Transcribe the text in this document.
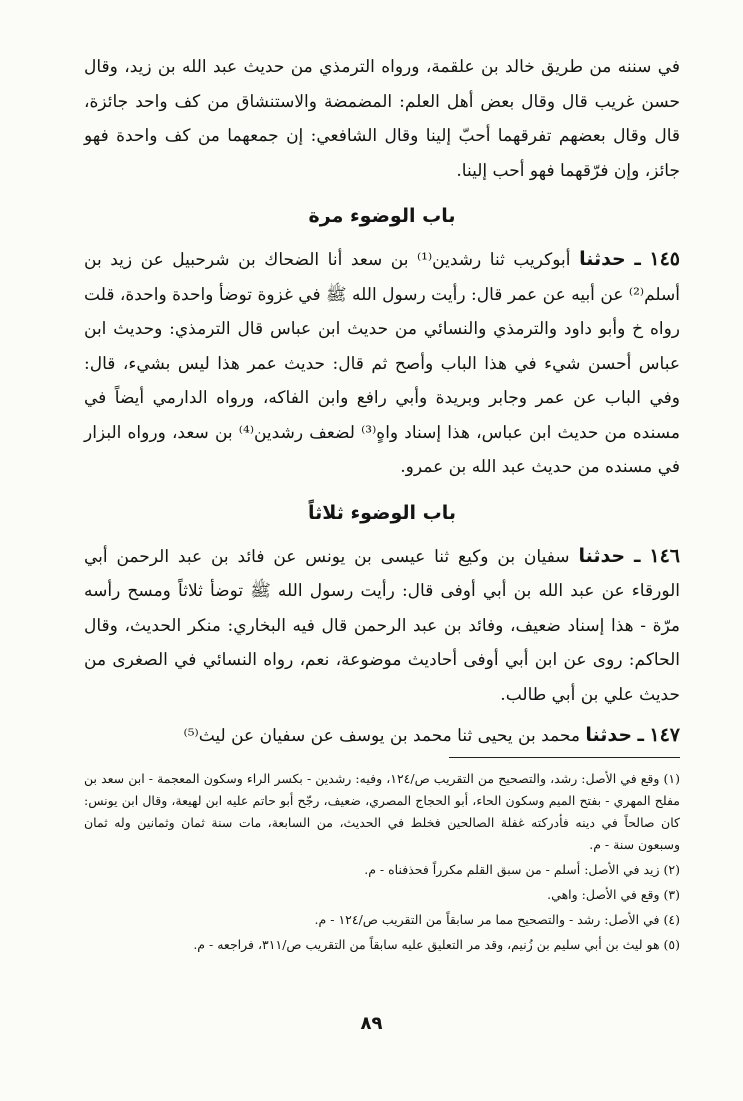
في سننه من طريق خالد بن علقمة، ورواه الترمذي من حديث عبد الله بن زيد، وقال حسن غريب قال وقال بعض أهل العلم: المضمضة والاستنشاق من كف واحد جائزة، قال وقال بعضهم تفرقهما أحبّ إلينا وقال الشافعي: إن جمعهما من كف واحدة فهو جائز، وإن فرّقهما فهو أحب إلينا.

باب الوضوء مرة

١٤٥ ـ حدثنا أبوكريب ثنا رشدين⁽¹⁾ بن سعد أنا الضحاك بن شرحبيل عن زيد بن أسلم⁽²⁾ عن أبيه عن عمر قال: رأيت رسول الله ﷺ في غزوة توضأ واحدة واحدة، قلت رواه خ وأبو داود والترمذي والنسائي من حديث ابن عباس قال الترمذي: وحديث ابن عباس أحسن شيء في هذا الباب وأصح ثم قال: حديث عمر هذا ليس بشيء، قال: وفي الباب عن عمر وجابر وبريدة وأبي رافع وابن الفاكه، ورواه الدارمي أيضاً في مسنده من حديث ابن عباس، هذا إسناد واهٍ⁽³⁾ لضعف رشدين⁽⁴⁾ بن سعد، ورواه البزار في مسنده من حديث عبد الله بن عمرو.

باب الوضوء ثلاثاً

١٤٦ ـ حدثنا سفيان بن وكيع ثنا عيسى بن يونس عن فائد بن عبد الرحمن أبي الورقاء عن عبد الله بن أبي أوفى قال: رأيت رسول الله ﷺ توضأ ثلاثاً ومسح رأسه مرّة - هذا إسناد ضعيف، وفائد بن عبد الرحمن قال فيه البخاري: منكر الحديث، وقال الحاكم: روى عن ابن أبي أوفى أحاديث موضوعة، نعم، رواه النسائي في الصغرى من حديث علي بن أبي طالب.

١٤٧ ـ حدثنا محمد بن يحيى ثنا محمد بن يوسف عن سفيان عن ليث⁽⁵⁾

(١) وقع في الأصل: رشد، والتصحيح من التقريب ص/١٢٤، وفيه: رشدين - بكسر الراء وسكون المعجمة - ابن سعد بن مفلح المهري - بفتح الميم وسكون الحاء، أبو الحجاج المصري، ضعيف، رجّح أبو حاتم عليه ابن لهيعة، وقال ابن يونس: كان صالحاً في دينه فأدركته غفلة الصالحين فخلط في الحديث، من السابعة، مات سنة ثمان وثمانين وله ثمان وسبعون سنة - م.

(٢) زيد في الأصل: أسلم - من سبق القلم مكرراً فحذفناه - م.

(٣) وقع في الأصل: واهي.

(٤) في الأصل: رشد - والتصحيح مما مر سابقاً من التقريب ص/١٢٤ - م.

(٥) هو ليث بن أبي سليم بن زُنيم، وقد مر التعليق عليه سابقاً من التقريب ص/٣١١، فراجعه - م.

٨٩
